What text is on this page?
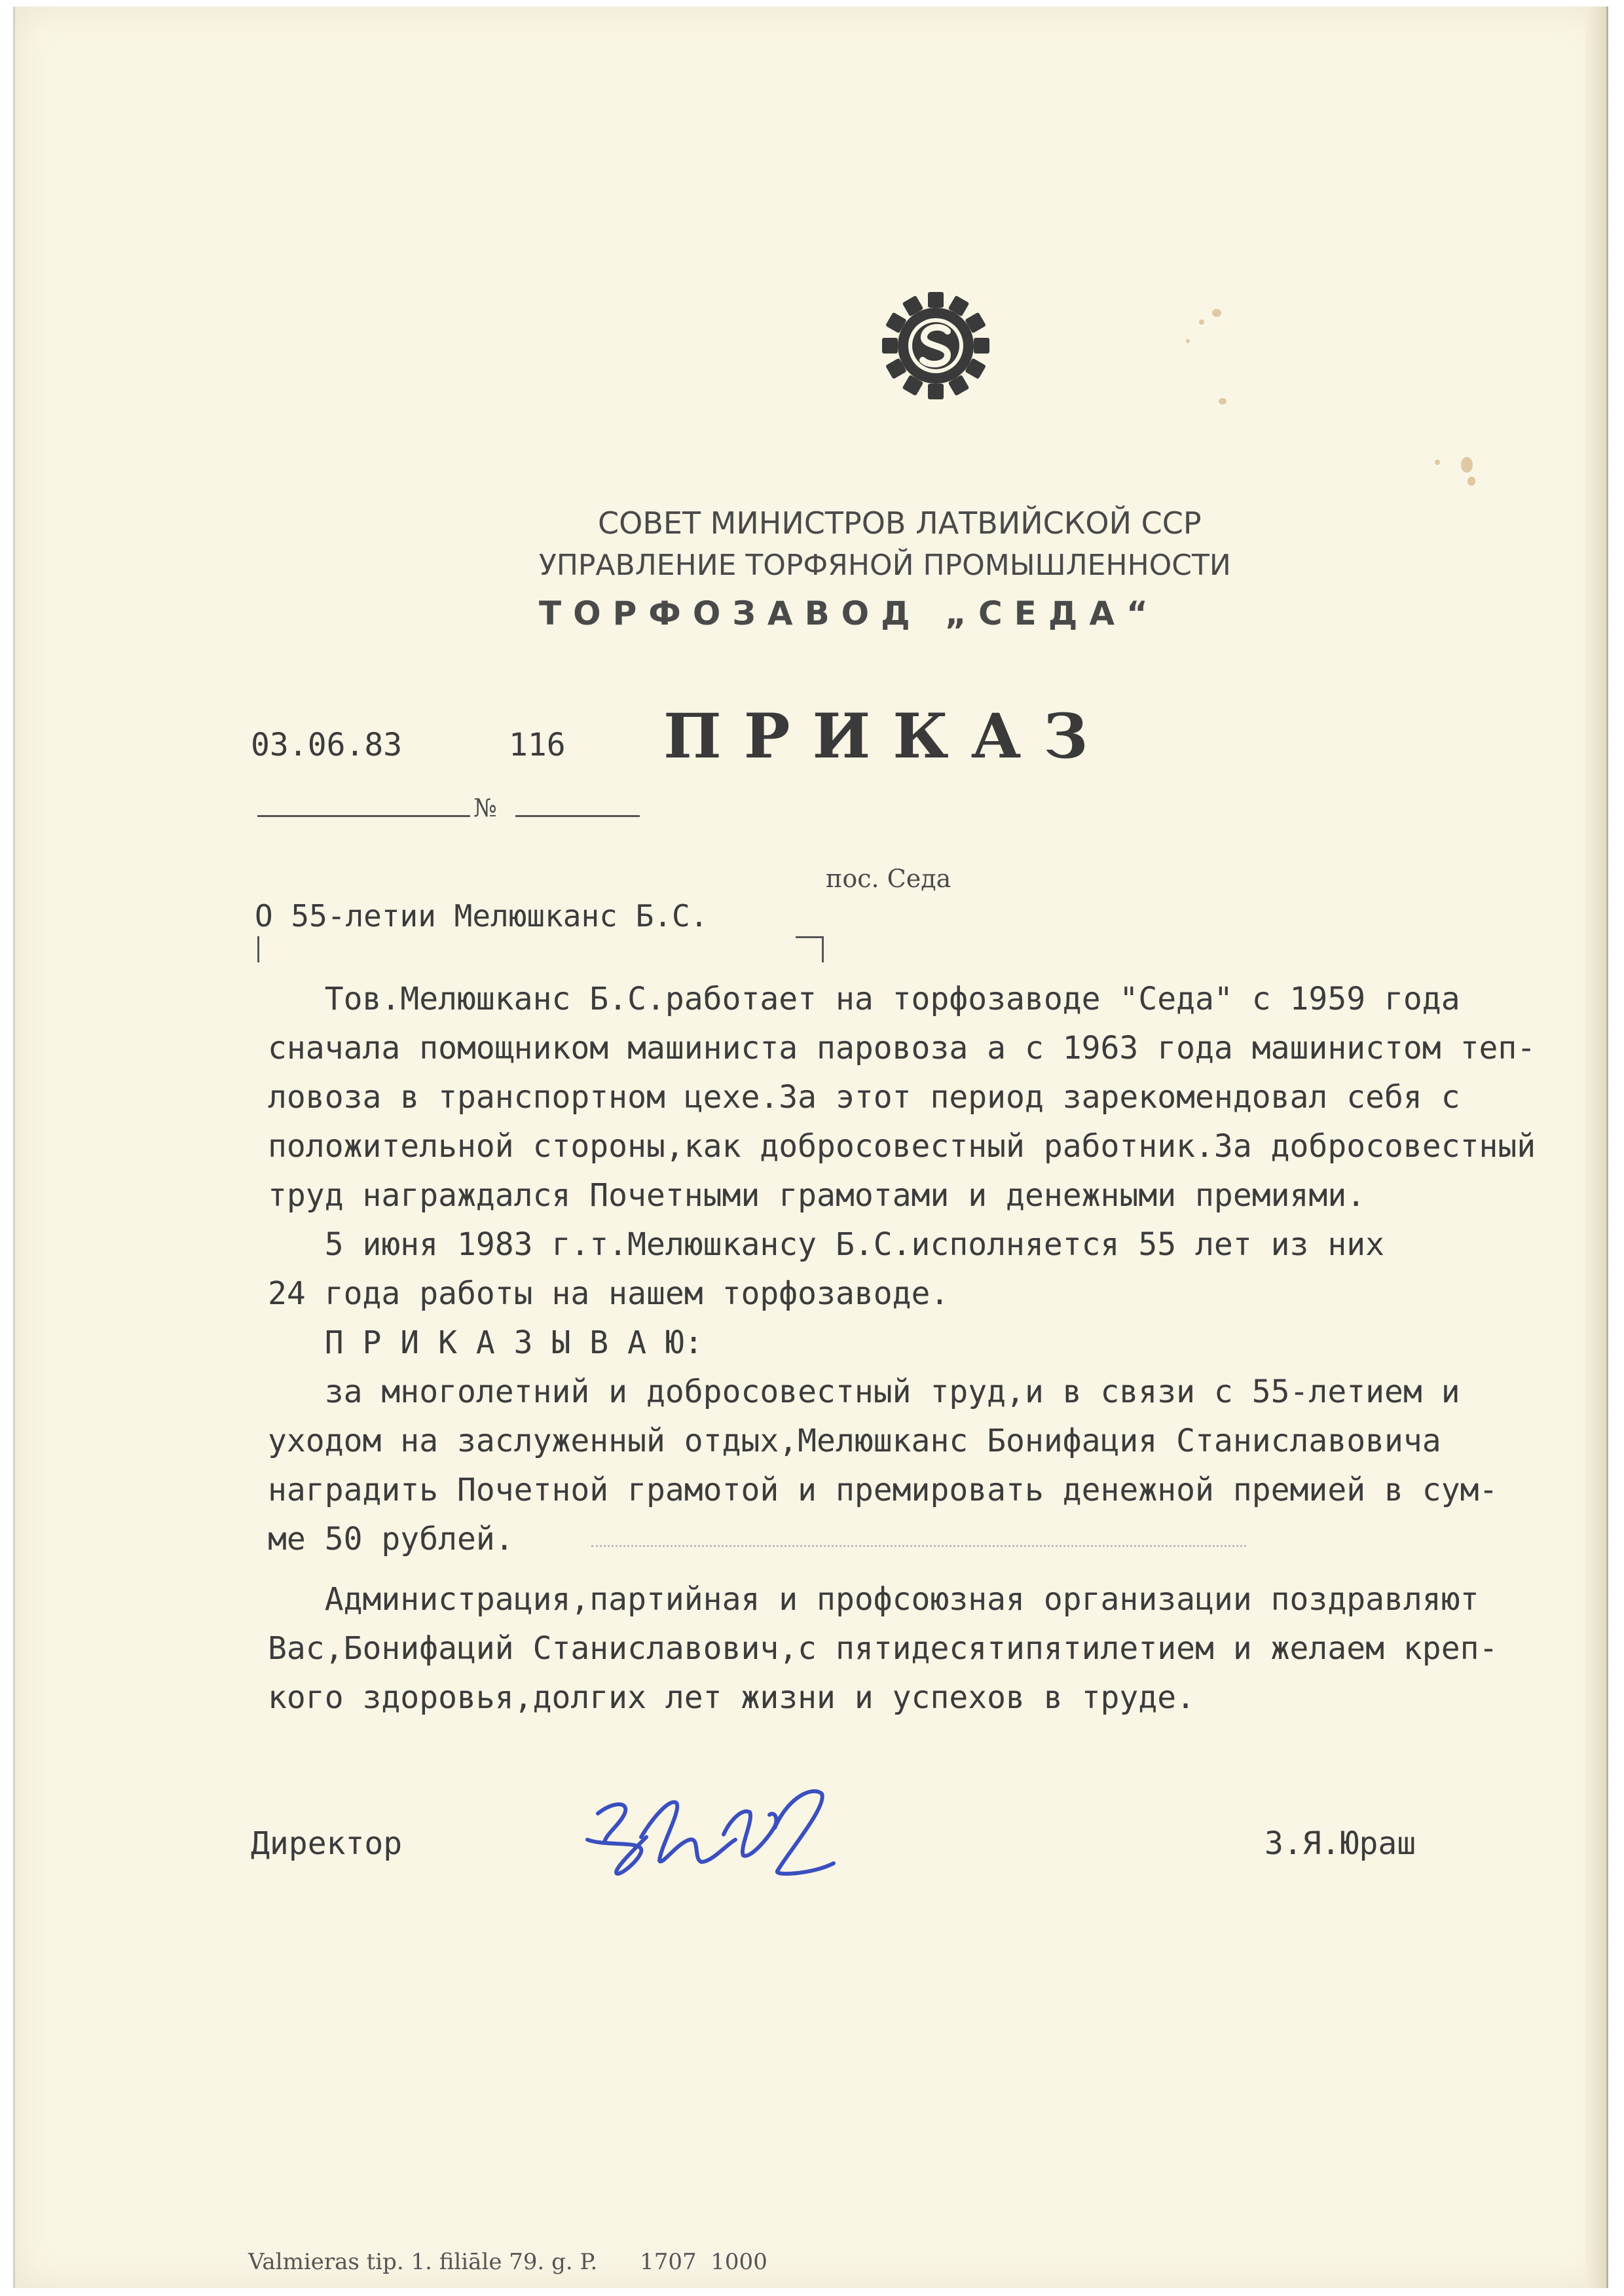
СОВЕТ МИНИСТРОВ ЛАТВИЙСКОЙ ССР
УПРАВЛЕНИЕ ТОРФЯНОЙ ПРОМЫШЛЕННОСТИ
ТОРФОЗАВОД „СЕДА“
03.06.83	116 ПРИКАЗ
№
пос. Седа
О 55-летии Мелюшканс Б.С.
Тов.Мелюшканс Б.С.работает на торфозаводе "Седа" с 1959 года
сначала помощником машиниста паровоза а с 1963 года машинистом теп-
ловоза в транспортном цехе.За этот период зарекомендовал себя с
положительной стороны,как добросовестный работник.За добросовестный
труд награждался Почетными грамотами и денежными премиями.
5 июня 1983 г.т.Мелюшкансу Б.С.исполняется 55 лет из них
24 года работы на нашем торфозаводе.
П Р И К А З Ы В А Ю:
за многолетний и добросовестный труд,и в связи с 55-летием и
уходом на заслуженный отдых,Мелюшканс Бонифация Станиславовича
наградить Почетной грамотой и премировать денежной премией в сум-
ме 50 рублей.
Администрация,партийная и профсоюзная организации поздравляют
Вас,Бонифаций Станиславович,с пятидесятипятилетием и желаем креп-
кого здоровья,долгих лет жизни и успехов в труде.
Директор	З.Я.Юраш
Valmieras tip. 1. filiāle 79. g. P.      1707  1000
